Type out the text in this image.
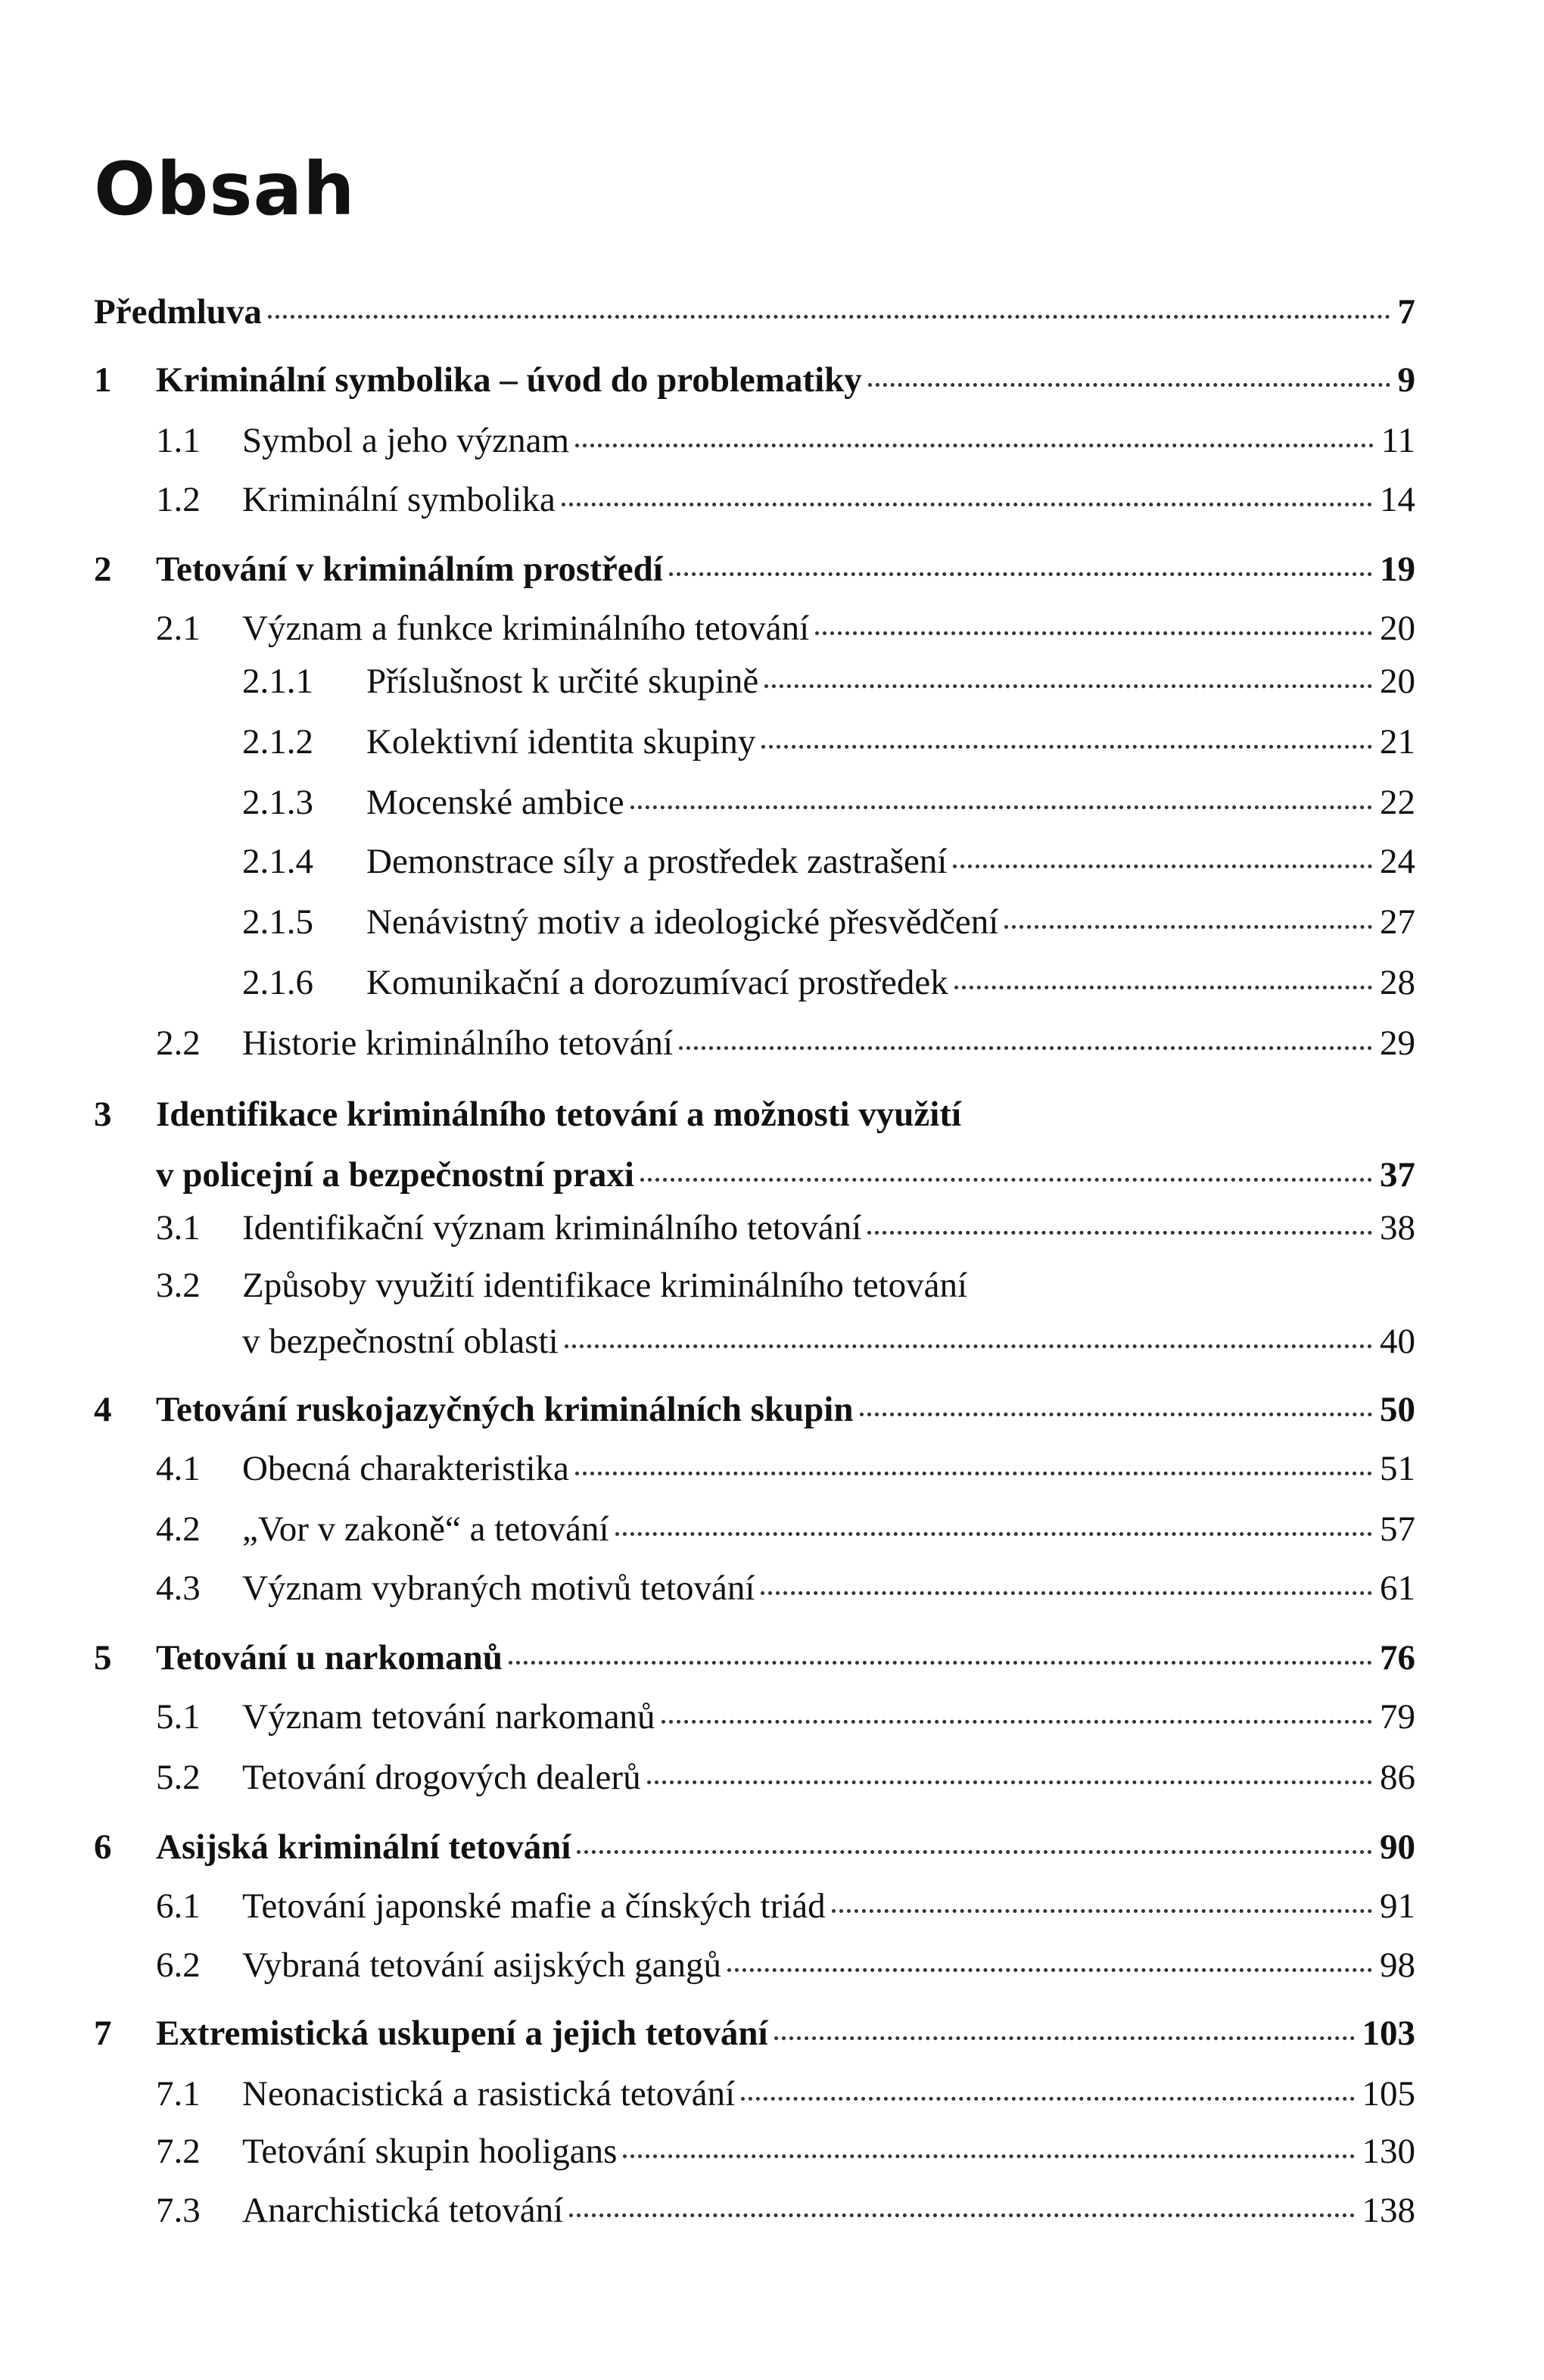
Obsah
Předmluva	7
1 Kriminální symbolika – úvod do problematiky	9
1.1 Symbol a jeho význam	11
1.2 Kriminální symbolika	14
2 Tetování v kriminálním prostředí	19
2.1 Význam a funkce kriminálního tetování	20
2.1.1 Příslušnost k určité skupině	20
2.1.2 Kolektivní identita skupiny	21
2.1.3 Mocenské ambice	22
2.1.4 Demonstrace síly a prostředek zastrašení	24
2.1.5 Nenávistný motiv a ideologické přesvědčení	27
2.1.6 Komunikační a dorozumívací prostředek	28
2.2 Historie kriminálního tetování	29
3 Identifikace kriminálního tetování a možnosti využití
v policejní a bezpečnostní praxi	37
3.1 Identifikační význam kriminálního tetování	38
3.2 Způsoby využití identifikace kriminálního tetování
v bezpečnostní oblasti	40
4 Tetování ruskojazyčných kriminálních skupin	50
4.1 Obecná charakteristika	51
4.2 „Vor v zakoně“ a tetování	57
4.3 Význam vybraných motivů tetování	61
5 Tetování u narkomanů	76
5.1 Význam tetování narkomanů	79
5.2 Tetování drogových dealerů	86
6 Asijská kriminální tetování	90
6.1 Tetování japonské mafie a čínských triád	91
6.2 Vybraná tetování asijských gangů	98
7 Extremistická uskupení a jejich tetování	103
7.1 Neonacistická a rasistická tetování	105
7.2 Tetování skupin hooligans	130
7.3 Anarchistická tetování	138
